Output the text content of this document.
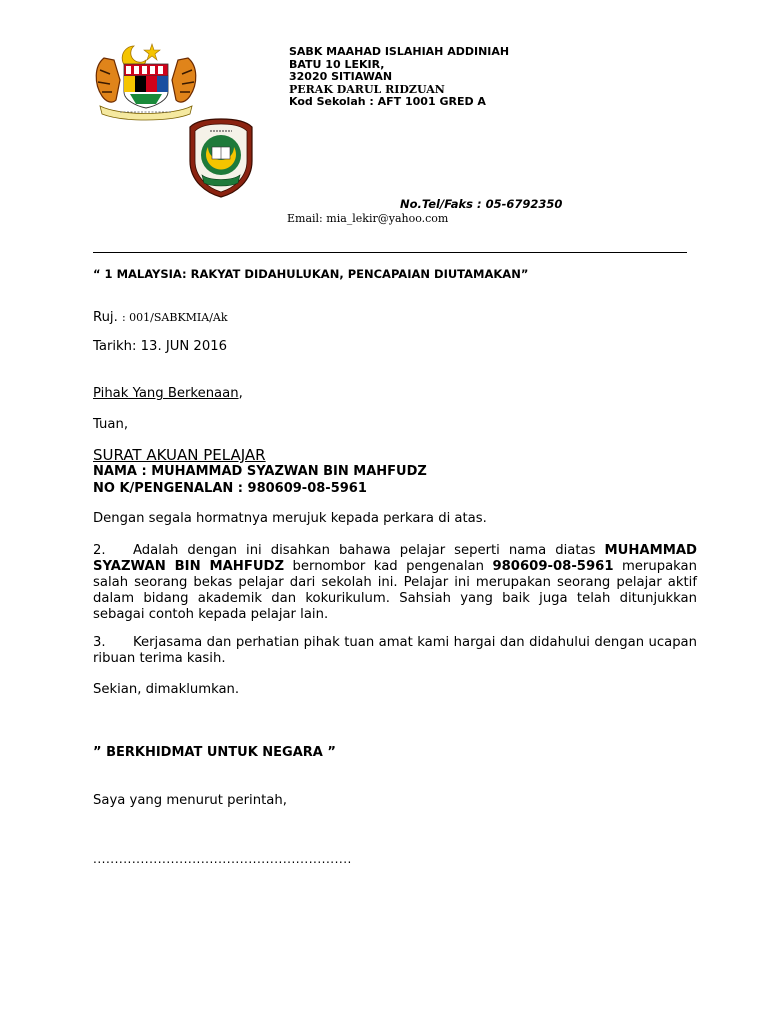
SABK MAAHAD ISLAHIAH ADDINIAH
BATU 10 LEKIR,
32020 SITIAWAN
PERAK DARUL RIDZUAN
Kod Sekolah : AFT 1001 GRED A
No.Tel/Faks : 05-6792350
Email: mia_lekir@yahoo.com
“ 1 MALAYSIA: RAKYAT DIDAHULUKAN, PENCAPAIAN DIUTAMAKAN”
Ruj. : 001/SABKMIA/Ak
Tarikh: 13. JUN 2016
Pihak Yang Berkenaan,
Tuan,
SURAT AKUAN PELAJAR
NAMA : MUHAMMAD SYAZWAN BIN MAHFUDZ
NO K/PENGENALAN : 980609-08-5961
Dengan segala hormatnya merujuk kepada perkara di atas.
2. Adalah dengan ini disahkan bahawa pelajar seperti nama diatas MUHAMMAD SYAZWAN BIN MAHFUDZ bernombor kad pengenalan 980609-08-5961 merupakan salah seorang bekas pelajar dari sekolah ini. Pelajar ini merupakan seorang pelajar aktif dalam bidang akademik dan kokurikulum. Sahsiah yang baik juga telah ditunjukkan sebagai contoh kepada pelajar lain.
3. Kerjasama dan perhatian pihak tuan amat kami hargai dan didahului dengan ucapan ribuan terima kasih.
Sekian, dimaklumkan.
” BERKHIDMAT UNTUK NEGARA ”
Saya yang menurut perintah,
............................................................
